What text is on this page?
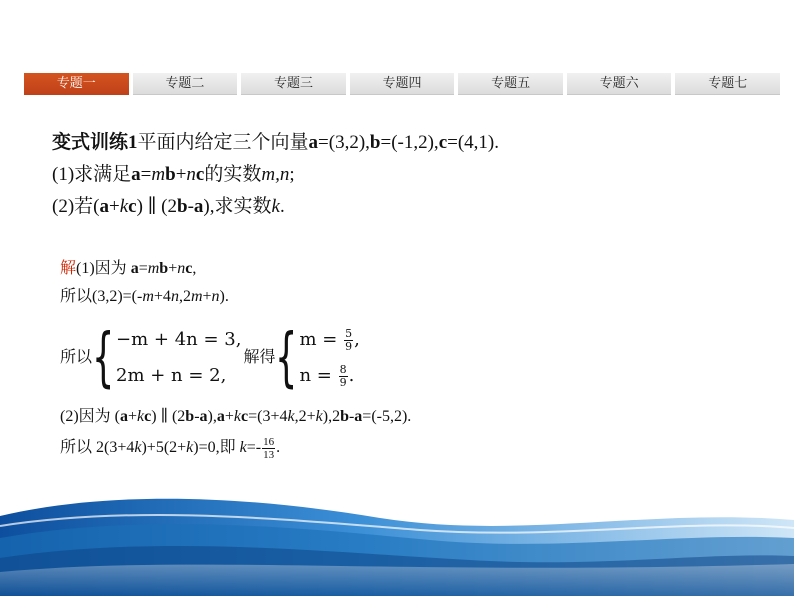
专题一	专题二	专题三	专题四	专题五	专题六	专题七
变式训练1平面内给定三个向量a=(3,2),b=(-1,2),c=(4,1).
(1)求满足a=mb+nc的实数m,n;
(2)若(a+kc) ∥ (2b-a),求实数k.
解(1)因为 a=mb+nc,
所以(3,2)=(-m+4n,2m+n).
所以 { −m + 4n = 3,
2m + n = 2,
解得 { $m = \frac{5}{9}$ ,
$n = \frac{8}{9}$ .
(2)因为 (a+kc) ∥ (2b-a),a+kc=(3+4k,2+k),2b-a=(-5,2).
所以 2(3+4k)+5(2+k)=0,即 $k=- \frac{16}{13}$ .
